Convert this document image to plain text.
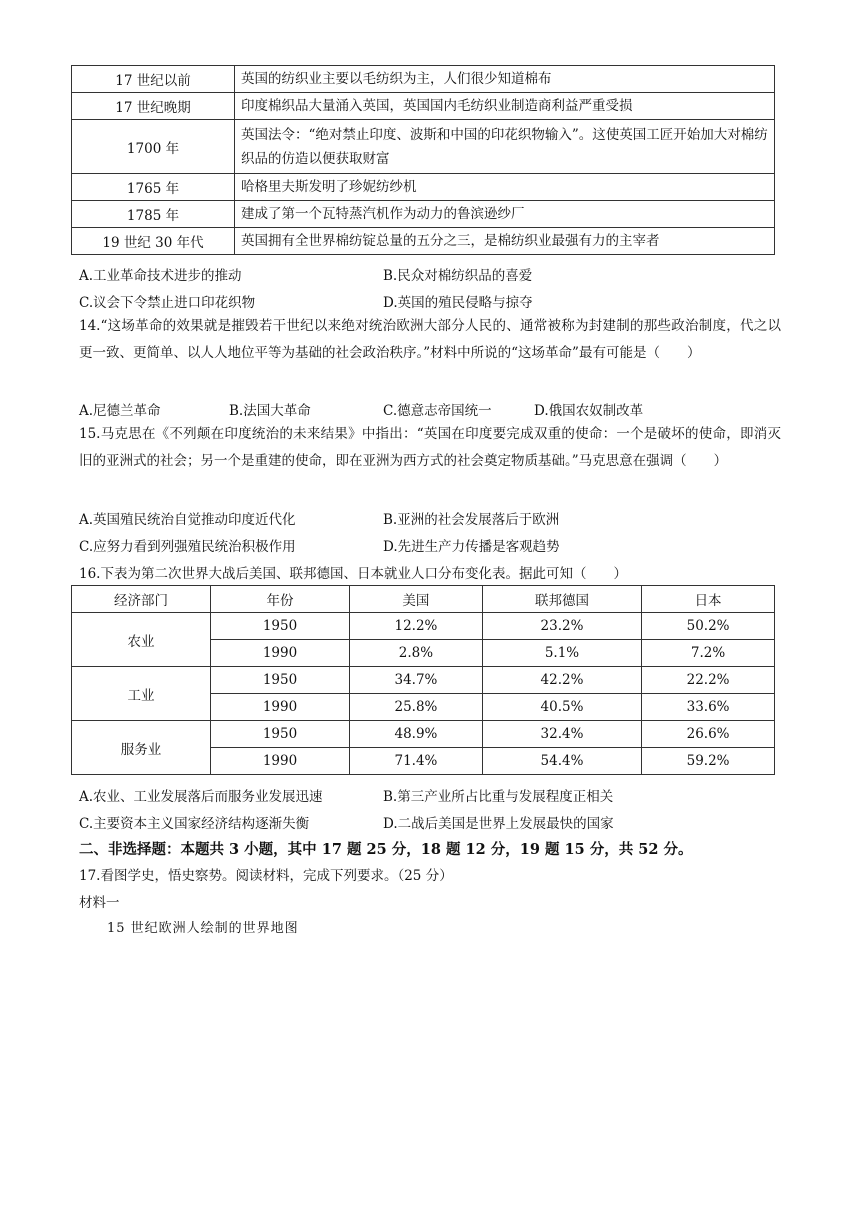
17 世纪以前	英国的纺织业主要以毛纺织为主，人们很少知道棉布
17 世纪晚期	印度棉织品大量涌入英国，英国国内毛纺织业制造商利益严重受损
1700 年	英国法令：“绝对禁止印度、波斯和中国的印花织物输入”。这使英国工匠开始加大对棉纺织品的仿造以便获取财富
1765 年	哈格里夫斯发明了珍妮纺纱机
1785 年	建成了第一个瓦特蒸汽机作为动力的鲁滨逊纱厂
19 世纪 30 年代	英国拥有全世界棉纺锭总量的五分之三，是棉纺织业最强有力的主宰者
A.工业革命技术进步的推动	B.民众对棉纺织品的喜爱
C.议会下令禁止进口印花织物	D.英国的殖民侵略与掠夺
14.“这场革命的效果就是摧毁若干世纪以来绝对统治欧洲大部分人民的、通常被称为封建制的那些政治制度，代之以更一致、更简单、以人人地位平等为基础的社会政治秩序。”材料中所说的“这场革命”最有可能是（　　）
A.尼德兰革命	B.法国大革命	C.德意志帝国统一	D.俄国农奴制改革
15.马克思在《不列颠在印度统治的未来结果》中指出：“英国在印度要完成双重的使命：一个是破坏的使命，即消灭旧的亚洲式的社会；另一个是重建的使命，即在亚洲为西方式的社会奠定物质基础。”马克思意在强调（　　）
A.英国殖民统治自觉推动印度近代化	B.亚洲的社会发展落后于欧洲
C.应努力看到列强殖民统治积极作用	D.先进生产力传播是客观趋势
16.下表为第二次世界大战后美国、联邦德国、日本就业人口分布变化表。据此可知（　　）
经济部门	年份	美国	联邦德国	日本
农业	1950	12.2%	23.2%	50.2%
	1990	2.8%	5.1%	7.2%
工业	1950	34.7%	42.2%	22.2%
	1990	25.8%	40.5%	33.6%
服务业	1950	48.9%	32.4%	26.6%
	1990	71.4%	54.4%	59.2%
A.农业、工业发展落后而服务业发展迅速	B.第三产业所占比重与发展程度正相关
C.主要资本主义国家经济结构逐渐失衡	D.二战后美国是世界上发展最快的国家
二、非选择题：本题共 3 小题，其中 17 题 25 分，18 题 12 分，19 题 15 分，共 52 分。
17.看图学史，悟史察势。阅读材料，完成下列要求。（25 分）
材料一
15 世纪欧洲人绘制的世界地图
